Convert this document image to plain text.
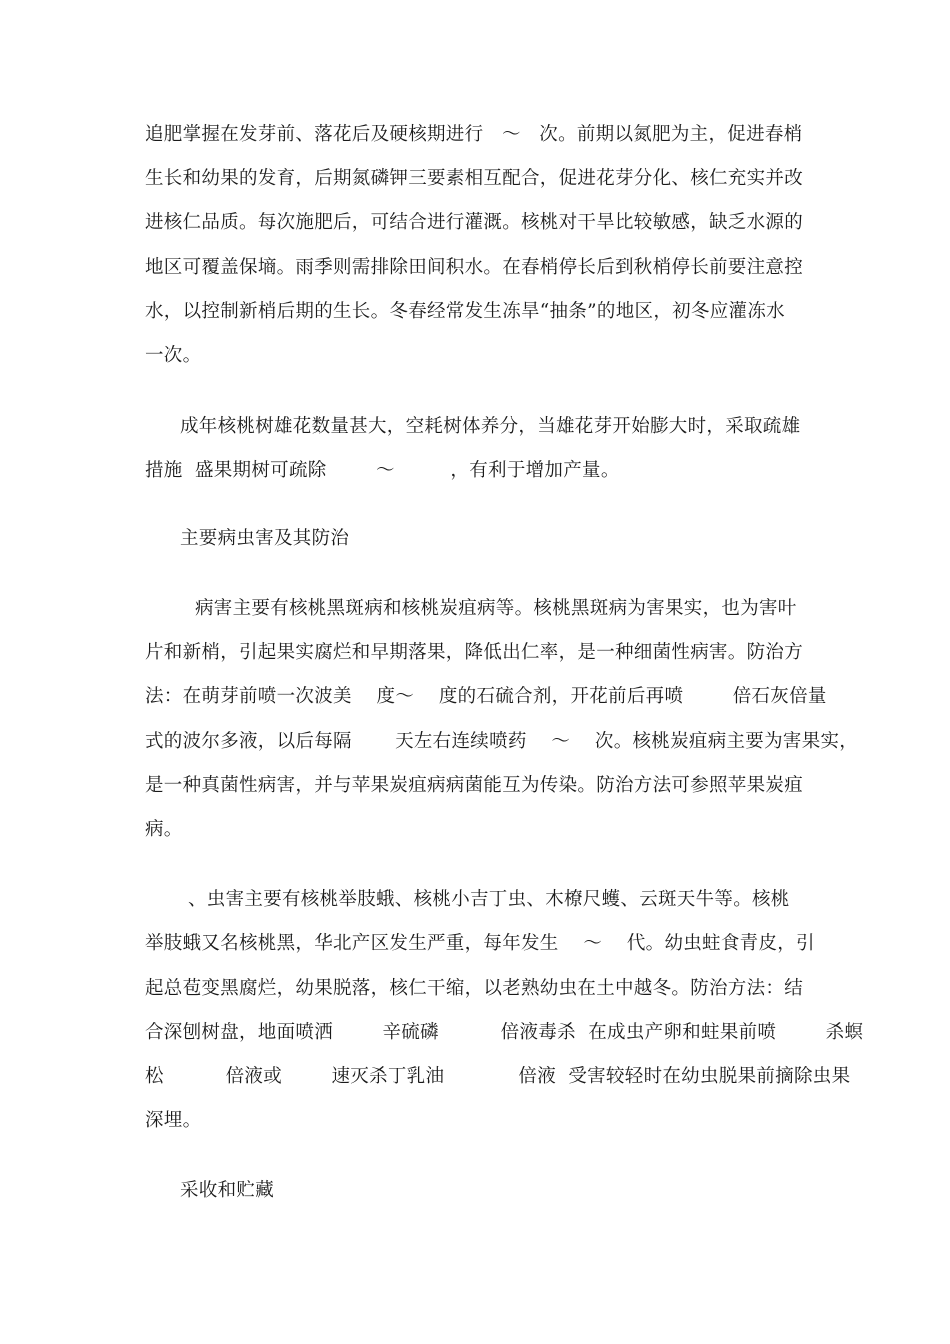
追肥掌握在发芽前、落花后及硬核期进行   ～   次。前期以氮肥为主，促进春梢
生长和幼果的发育，后期氮磷钾三要素相互配合，促进花芽分化、核仁充实并改
进核仁品质。每次施肥后，可结合进行灌溉。核桃对干旱比较敏感，缺乏水源的
地区可覆盖保墒。雨季则需排除田间积水。在春梢停长后到秋梢停长前要注意控
水，以控制新梢后期的生长。冬春经常发生冻旱“抽条”的地区，初冬应灌冻水
一次。
成年核桃树雄花数量甚大，空耗树体养分，当雄花芽开始膨大时，采取疏雄
措施  盛果期树可疏除        ～         ，有利于增加产量。
主要病虫害及其防治
病害主要有核桃黑斑病和核桃炭疽病等。核桃黑斑病为害果实，也为害叶
片和新梢，引起果实腐烂和早期落果，降低出仁率，是一种细菌性病害。防治方
法：在萌芽前喷一次波美    度～    度的石硫合剂，开花前后再喷        倍石灰倍量
式的波尔多液，以后每隔       天左右连续喷药    ～    次。核桃炭疽病主要为害果实，
是一种真菌性病害，并与苹果炭疽病病菌能互为传染。防治方法可参照苹果炭疽
病。
、虫害主要有核桃举肢蛾、核桃小吉丁虫、木橑尺蠖、云斑天牛等。核桃
举肢蛾又名核桃黑，华北产区发生严重，每年发生    ～    代。幼虫蛀食青皮，引
起总苞变黑腐烂，幼果脱落，核仁干缩，以老熟幼虫在土中越冬。防治方法：结
合深刨树盘，地面喷洒        辛硫磷          倍液毒杀  在成虫产卵和蛀果前喷        杀螟
松          倍液或        速灭杀丁乳油            倍液  受害较轻时在幼虫脱果前摘除虫果
深埋。
采收和贮藏
